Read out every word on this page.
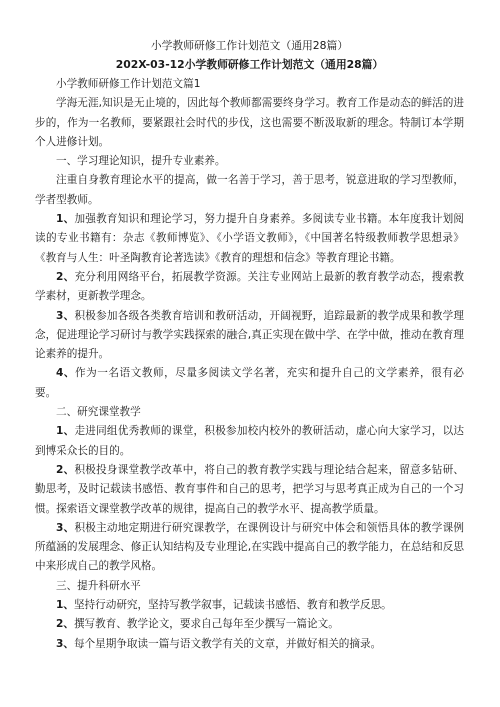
小学教师研修工作计划范文（通用28篇）
202X-03-12小学教师研修工作计划范文（通用28篇）
小学教师研修工作计划范文篇1
学海无涯,知识是无止境的，因此每个教师都需要终身学习。教育工作是动态的鲜活的进步的，作为一名教师，要紧跟社会时代的步伐，这也需要不断汲取新的理念。特制订本学期个人进修计划。
一、学习理论知识，提升专业素养。
注重自身教育理论水平的提高，做一名善于学习，善于思考，锐意进取的学习型教师，学者型教师。
1、加强教育知识和理论学习，努力提升自身素养。多阅读专业书籍。本年度我计划阅读的专业书籍有：杂志《教师博览》、《小学语文教师》，《中国著名特级教师教学思想录》《教育与人生：叶圣陶教育论著选读》《教育的理想和信念》等教育理论书籍。
2、充分利用网络平台，拓展教学资源。关注专业网站上最新的教育教学动态，搜索教学素材，更新教学理念。
3、积极参加各级各类教育培训和教研活动，开阔视野，追踪最新的教学成果和教学理念，促进理论学习研讨与教学实践探索的融合,真正实现在做中学、在学中做，推动在教育理论素养的提升。
4、作为一名语文教师，尽量多阅读文学名著，充实和提升自己的文学素养，很有必要。
二、研究课堂教学
1、走进同组优秀教师的课堂，积极参加校内校外的教研活动，虚心向大家学习，以达到博采众长的目的。
2、积极投身课堂教学改革中，将自己的教育教学实践与理论结合起来，留意多钻研、勤思考，及时记载读书感悟、教育事件和自己的思考，把学习与思考真正成为自己的一个习惯。探索语文课堂教学改革的规律，提高自己的教学水平、提高教学质量。
3、积极主动地定期进行研究课教学，在课例设计与研究中体会和领悟具体的教学课例所蕴涵的发展理念、修正认知结构及专业理论,在实践中提高自己的教学能力，在总结和反思中来形成自己的教学风格。
三、提升科研水平
1、坚持行动研究，坚持写教学叙事，记载读书感悟、教育和教学反思。
2、撰写教育、教学论文，要求自己每年至少撰写一篇论文。
3、每个星期争取读一篇与语文教学有关的文章，并做好相关的摘录。
